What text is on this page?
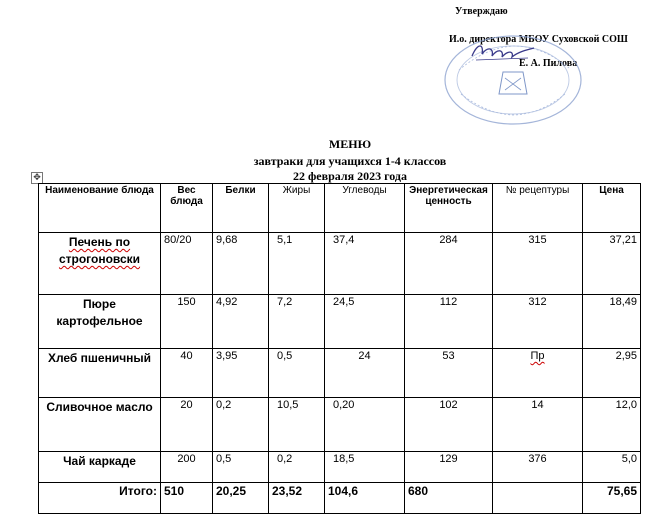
Утверждаю
И.о. директора МБОУ Суховской СОШ
Е. А. Пилова
МЕНЮ
завтраки для учащихся 1-4 классов
22 февраля 2023 года
✥
Наименование блюда	Вес блюда	Белки	Жиры	Углеводы	Энергетическая ценность	№ рецептуры	Цена
Печень по строгоновски	80/20	9,68	5,1	37,4	284	315	37,21
Пюре картофельное	150	4,92	7,2	24,5	112	312	18,49
Хлеб пшеничный	40	3,95	0,5	24	53	Пр	2,95
Сливочное масло	20	0,2	10,5	0,20	102	14	12,0
Чай каркаде	200	0,5	0,2	18,5	129	376	5,0
Итого:	510	20,25	23,52	104,6	680		75,65
